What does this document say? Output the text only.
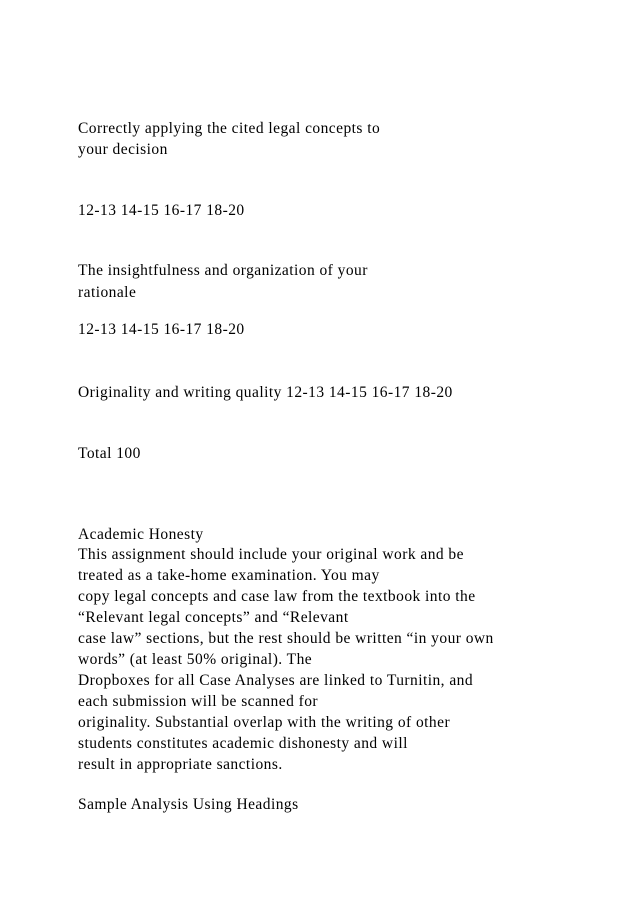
Correctly applying the cited legal concepts to
your decision
12-13 14-15 16-17 18-20
The insightfulness and organization of your
rationale
12-13 14-15 16-17 18-20
Originality and writing quality 12-13 14-15 16-17 18-20
Total 100
Academic Honesty
This assignment should include your original work and be
treated as a take-home examination. You may
copy legal concepts and case law from the textbook into the
“Relevant legal concepts” and “Relevant
case law” sections, but the rest should be written “in your own
words” (at least 50% original). The
Dropboxes for all Case Analyses are linked to Turnitin, and
each submission will be scanned for
originality. Substantial overlap with the writing of other
students constitutes academic dishonesty and will
result in appropriate sanctions.
Sample Analysis Using Headings
